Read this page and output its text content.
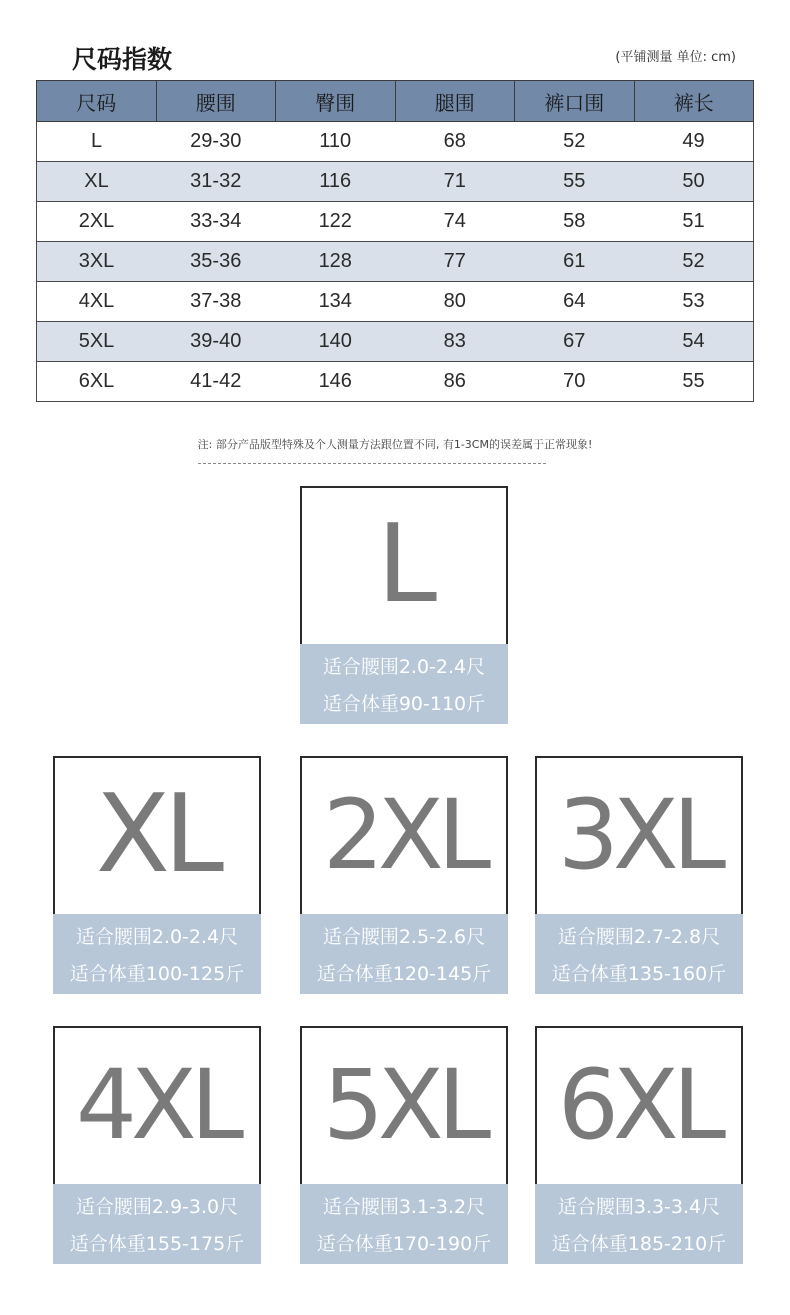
尺码指数	(平铺测量 单位: cm)
尺码	腰围	臀围	腿围	裤口围	裤长
L	29-30	110	68	52	49
XL	31-32	116	71	55	50
2XL	33-34	122	74	58	51
3XL	35-36	128	77	61	52
4XL	37-38	134	80	64	53
5XL	39-40	140	83	67	54
6XL	41-42	146	86	70	55
注: 部分产品版型特殊及个人测量方法跟位置不同, 有1-3CM的误差属于正常现象!
L
适合腰围2.0-2.4尺
适合体重90-110斤
XL
适合腰围2.0-2.4尺
适合体重100-125斤
2XL
适合腰围2.5-2.6尺
适合体重120-145斤
3XL
适合腰围2.7-2.8尺
适合体重135-160斤
4XL
适合腰围2.9-3.0尺
适合体重155-175斤
5XL
适合腰围3.1-3.2尺
适合体重170-190斤
6XL
适合腰围3.3-3.4尺
适合体重185-210斤
